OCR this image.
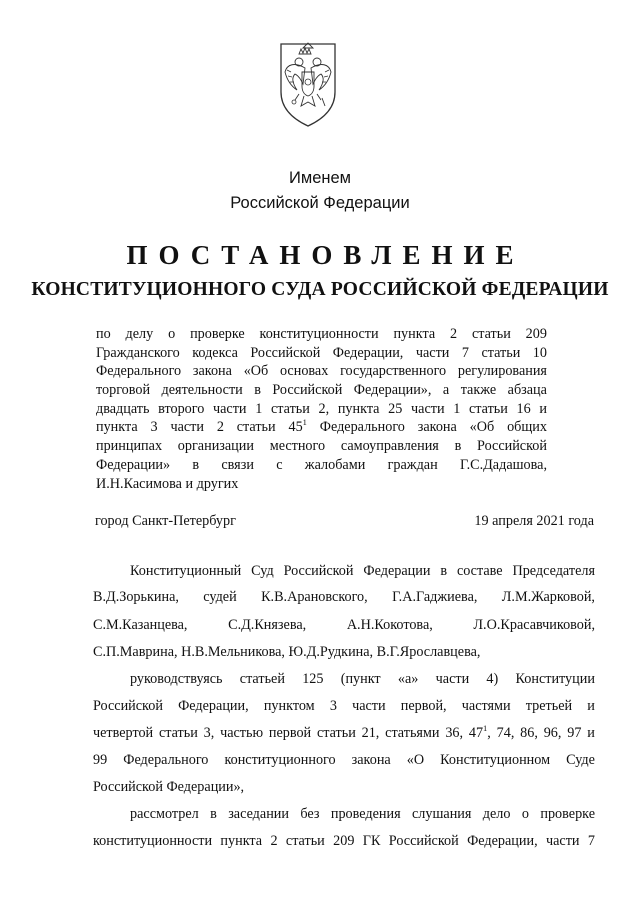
Именем
Российской Федерации
ПОСТАНОВЛЕНИЕ
КОНСТИТУЦИОННОГО СУДА РОССИЙСКОЙ ФЕДЕРАЦИИ
по делу о проверке конституционности пункта 2 статьи 209
Гражданского кодекса Российской Федерации, части 7 статьи 10
Федерального закона «Об основах государственного регулирования
торговой деятельности в Российской Федерации», а также абзаца
двадцать второго части 1 статьи 2, пункта 25 части 1 статьи 16 и
пункта 3 части 2 статьи $45^1$ Федерального закона «Об общих
принципах организации местного самоуправления в Российской
Федерации» в связи с жалобами граждан Г.С.Дадашова,
И.Н.Касимова и других
город Санкт-Петербург	19 апреля 2021 года
Конституционный Суд Российской Федерации в составе Председателя
В.Д.Зорькина, судей К.В.Арановского, Г.А.Гаджиева, Л.М.Жарковой,
С.М.Казанцева,	С.Д.Князева,	А.Н.Кокотова,	Л.О.Красавчиковой,
С.П.Маврина, Н.В.Мельникова, Ю.Д.Рудкина, В.Г.Ярославцева,
руководствуясь статьей 125 (пункт «а» части 4) Конституции
Российской Федерации, пунктом 3 части первой, частями третьей и
четвертой статьи 3, частью первой статьи 21, статьями 36, $47^1$, 74, 86, 96, 97 и
99 Федерального конституционного закона «О Конституционном Суде
Российской Федерации»,
рассмотрел в заседании без проведения слушания дело о проверке
конституционности пункта 2 статьи 209 ГК Российской Федерации, части 7
